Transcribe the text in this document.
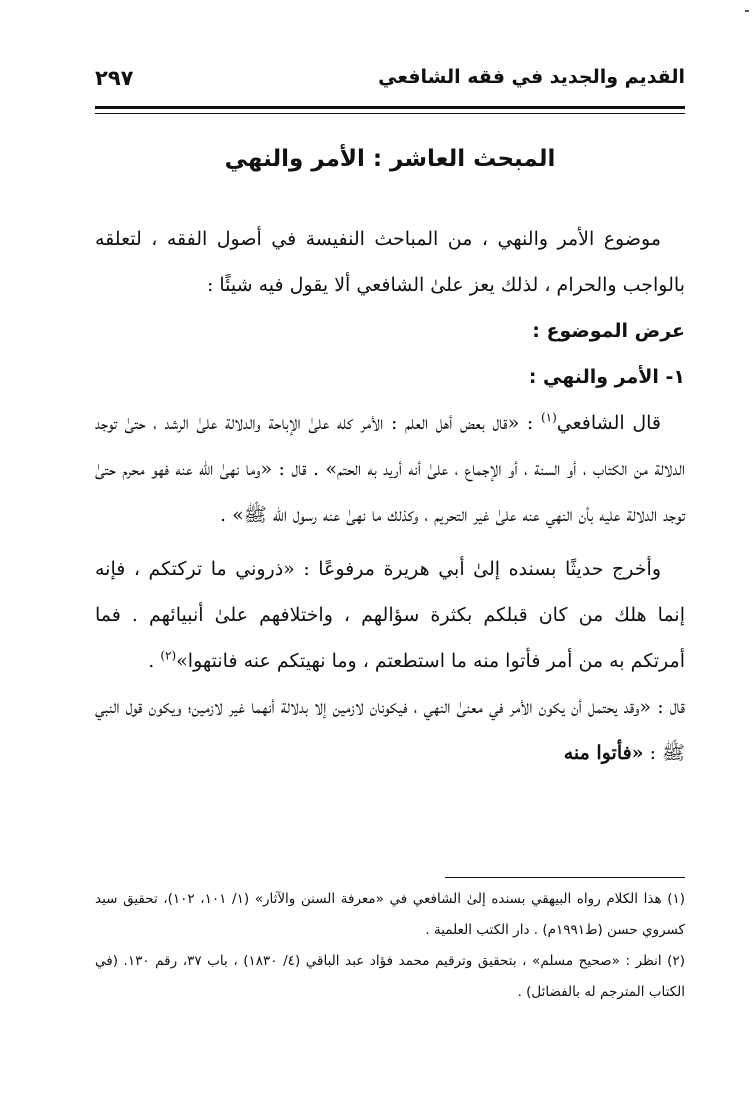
القديم والجديد في فقه الشافعي
٢٩٧
المبحث العاشر : الأمر والنهي

موضوع الأمر والنهي ، من المباحث النفيسة في أصول الفقه ، لتعلقه بالواجب والحرام ، لذلك يعز علىٰ الشافعي ألا يقول فيه شيئًا :

عرض الموضوع :

١- الأمر والنهي :

قال الشافعي$^{(١)}$ : «قال بعض أهل العلم : الأمر كله علىٰ الإباحة والدلالة علىٰ الرشد ، حتىٰ توجد الدلالة من الكتاب ، أو السنة ، أو الإجماع ، علىٰ أنه أريد به الحتم» . قال : «وما نهىٰ اللّٰه عنه فهو محرم حتىٰ توجد الدلالة عليه بأن النهي عنه علىٰ غير التحريم ، وكذلك ما نهىٰ عنه رسول اللّٰه ﷺ» .

وأخرج حديثًا بسنده إلىٰ أبي هريرة مرفوعًا : «ذروني ما تركتكم ، فإنه إنما هلك من كان قبلكم بكثرة سؤالهم ، واختلافهم علىٰ أنبيائهم . فما أمرتكم به من أمر فأتوا منه ما استطعتم ، وما نهيتكم عنه فانتهوا»$^{(٢)}$ .

قال : «وقد يحتمل أن يكون الأمر في معنىٰ النهي ، فيكونان لازمين إلا بدلالة أنهما غير لازمين؛ ويكون قول النبي ﷺ : «فأتوا منه

(١) هذا الكلام رواه البيهقي بسنده إلىٰ الشافعي في «معرفة السنن والآثار» (١/ ١٠١، ١٠٢)، تحقيق سيد كسروي حسن (ط١٩٩١م) . دار الكتب العلمية .

(٢) انظر : «صحيح مسلم» ، بتحقيق وترقيم محمد فؤاد عبد الباقي (٤/ ١٨٣٠) ، باب ٣٧، رقم ١٣٠. (في الكتاب المترجم له بالفضائل) .
